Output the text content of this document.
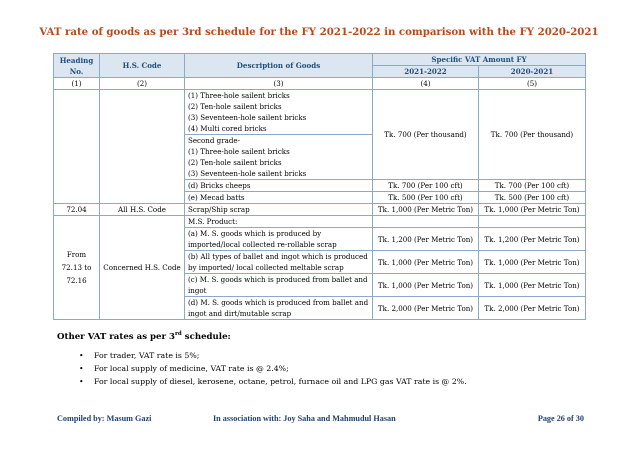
VAT rate of goods as per 3rd schedule for the FY 2021-2022 in comparison with the FY 2020-2021
Heading No.	H.S. Code	Description of Goods	Specific VAT Amount FY	
			2021-2022	2020-2021
(1)	(2)	(3)	(4)	(5)

		(1) Three-hole sailent bricks
(2) Ten-hole sailent bricks
(3) Seventeen-hole sailent bricks
(4) Multi cored bricks	Tk. 700 (Per thousand)	Tk. 700 (Per thousand)

		Second grade-
(1) Three-hole sailent bricks
(2) Ten-hole sailent bricks
(3) Seventeen-hole sailent bricks		

		(d) Bricks cheeps	Tk. 700 (Per 100 cft)	Tk. 700 (Per 100 cft)
		(e) Mecad batts	Tk. 500 (Per 100 cft)	Tk. 500 (Per 100 cft)
72.04	All H.S. Code	Scrap/Ship scrap	Tk. 1,000 (Per Metric Ton)	Tk. 1,000 (Per Metric Ton)
From 72.13 to 72.16	Concerned H.S. Code	M.S. Product:		
		(a) M. S. goods which is produced by imported/local collected re-rollable scrap	Tk. 1,200 (Per Metric Ton)	Tk. 1,200 (Per Metric Ton)
		(b) All types of ballet and ingot which is produced by imported/ local collected meltable scrap	Tk. 1,000 (Per Metric Ton)	Tk. 1,000 (Per Metric Ton)
		(c) M. S. goods which is produced from ballet and ingot	Tk. 1,000 (Per Metric Ton)	Tk. 1,000 (Per Metric Ton)
		(d) M. S. goods which is produced from ballet and ingot and dirt/mutable scrap	Tk. 2,000 (Per Metric Ton)	Tk. 2,000 (Per Metric Ton)
Other VAT rates as per 3rd schedule:
• For trader, VAT rate is 5%;
• For local supply of medicine, VAT rate is @ 2.4%;
• For local supply of diesel, kerosene, octane, petrol, furnace oil and LPG gas VAT rate is @ 2%.
Compiled by: Masum Gazi	In association with: Joy Saha and Mahmudul Hasan	Page 26 of 30
